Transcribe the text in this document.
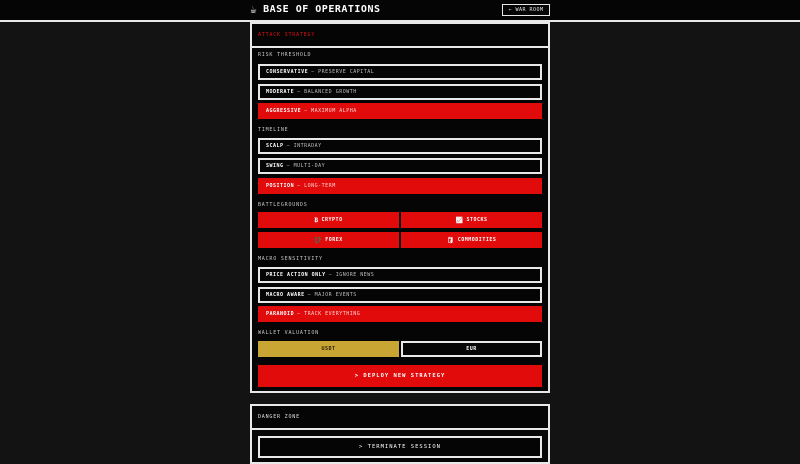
☕ BASE OF OPERATIONS	← WAR ROOM
ATTACK STRATEGY
RISK THRESHOLD
CONSERVATIVE — PRESERVE CAPITAL
MODERATE — BALANCED GROWTH
AGGRESSIVE — MAXIMUM ALPHA
TIMELINE
SCALP — INTRADAY
SWING — MULTI-DAY
POSITION — LONG-TERM
BATTLEGROUNDS
₿ CRYPTO	📈 STOCKS
💱 FOREX	🛢 COMMODITIES
MACRO SENSITIVITY
PRICE ACTION ONLY — IGNORE NEWS
MACRO AWARE — MAJOR EVENTS
PARANOID — TRACK EVERYTHING
WALLET VALUATION
USDT	EUR
> DEPLOY NEW STRATEGY
DANGER ZONE
> TERMINATE SESSION
